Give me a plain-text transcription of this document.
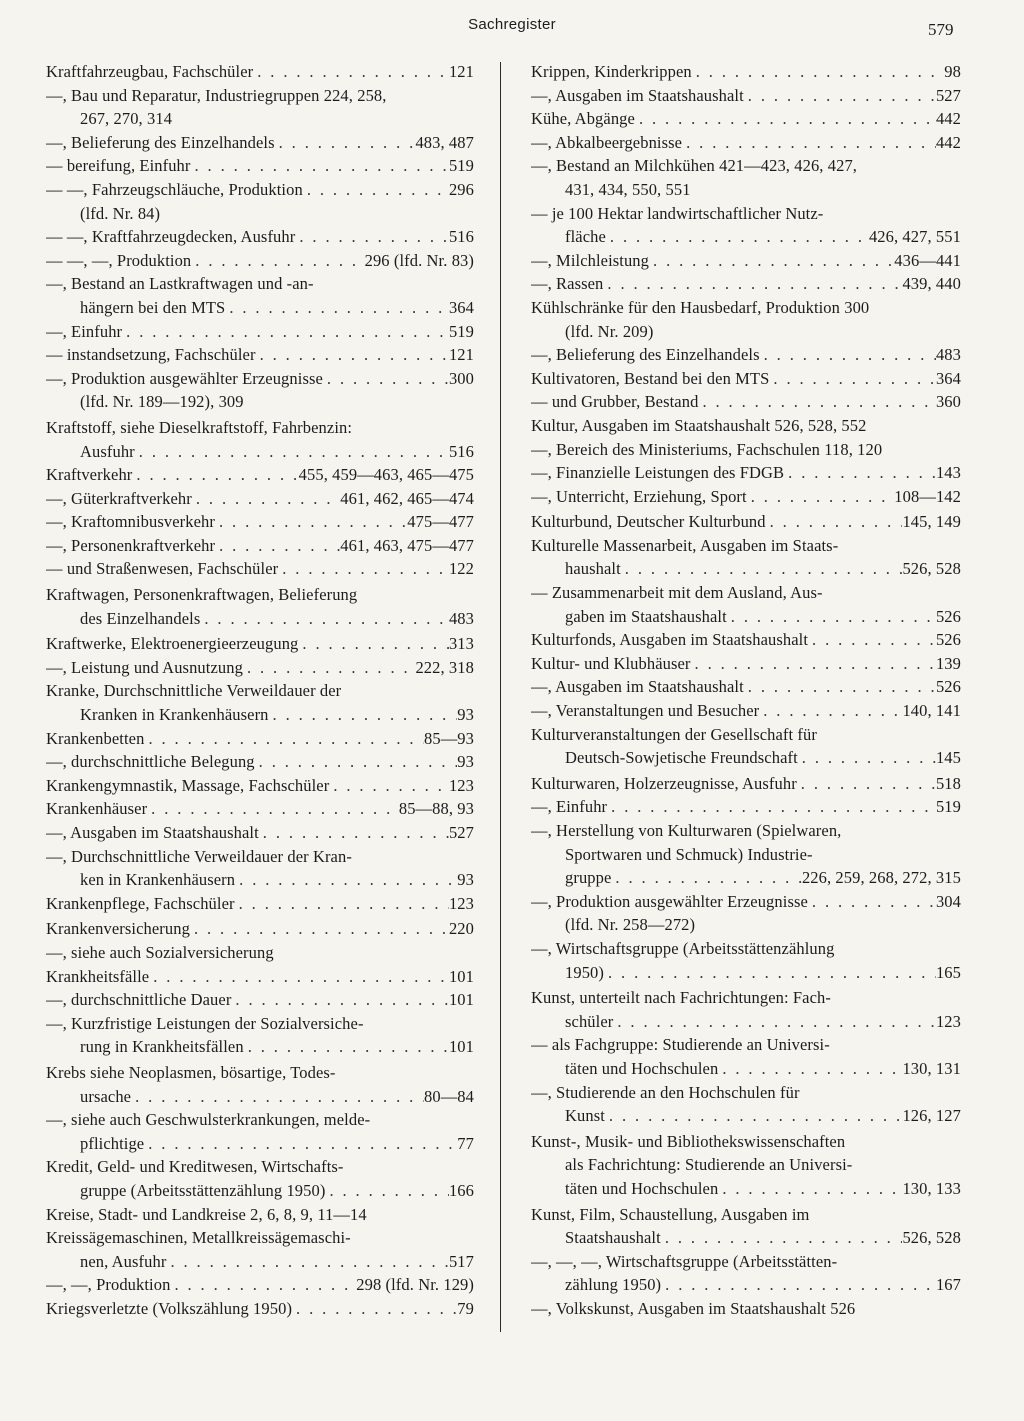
Sachregister	579
Kraftfahrzeugbau, Fachschüler . . .	121
—, Bau und Reparatur, Industriegruppen 224, 258,
267, 270, 314
—, Belieferung des Einzelhandels . . .	483, 487
— bereifung, Einfuhr . . .	519
— —, Fahrzeugschläuche, Produktion . . .	296
(lfd. Nr. 84)
— —, Kraftfahrzeugdecken, Ausfuhr . . .	516
— —, —, Produktion . . .	296 (lfd. Nr. 83)
—, Bestand an Lastkraftwagen und -an-
hängern bei den MTS . . .	364
—, Einfuhr . . .	519
— instandsetzung, Fachschüler . . .	121
—, Produktion ausgewählter Erzeugnisse . . .	300
(lfd. Nr. 189—192), 309
Kraftstoff, siehe Dieselkraftstoff, Fahrbenzin:
Ausfuhr . . .	516
Kraftverkehr . . .	455, 459—463, 465—475
—, Güterkraftverkehr . . .	461, 462, 465—474
—, Kraftomnibusverkehr . . .	475—477
—, Personenkraftverkehr . . .	461, 463, 475—477
— und Straßenwesen, Fachschüler . . .	122
Kraftwagen, Personenkraftwagen, Belieferung
des Einzelhandels . . .	483
Kraftwerke, Elektroenergieerzeugung . . .	313
—, Leistung und Ausnutzung . . .	222, 318
Kranke, Durchschnittliche Verweildauer der
Kranken in Krankenhäusern . . .	93
Krankenbetten . . .	85—93
—, durchschnittliche Belegung . . .	93
Krankengymnastik, Massage, Fachschüler . . .	123
Krankenhäuser . . .	85—88, 93
—, Ausgaben im Staatshaushalt . . .	527
—, Durchschnittliche Verweildauer der Kran-
ken in Krankenhäusern . . .	93
Krankenpflege, Fachschüler . . .	123
Krankenversicherung . . .	220
—, siehe auch Sozialversicherung
Krankheitsfälle . . .	101
—, durchschnittliche Dauer . . .	101
—, Kurzfristige Leistungen der Sozialversiche-
rung in Krankheitsfällen . . .	101
Krebs siehe Neoplasmen, bösartige, Todes-
ursache . . .	80—84
—, siehe auch Geschwulsterkrankungen, melde-
pflichtige . . .	77
Kredit, Geld- und Kreditwesen, Wirtschafts-
gruppe (Arbeitsstättenzählung 1950) . . .	166
Kreise, Stadt- und Landkreise 2, 6, 8, 9, 11—14
Kreissägemaschinen, Metallkreissägemaschi-
nen, Ausfuhr . . .	517
—, —, Produktion . . .	298 (lfd. Nr. 129)
Kriegsverletzte (Volkszählung 1950) . . .	79
Krippen, Kinderkrippen . . .	98
—, Ausgaben im Staatshaushalt . . .	527
Kühe, Abgänge . . .	442
—, Abkalbeergebnisse . . .	442
—, Bestand an Milchkühen 421—423, 426, 427,
431, 434, 550, 551
— je 100 Hektar landwirtschaftlicher Nutz-
fläche . . .	426, 427, 551
—, Milchleistung . . .	436—441
—, Rassen . . .	439, 440
Kühlschränke für den Hausbedarf, Produktion 300
(lfd. Nr. 209)
—, Belieferung des Einzelhandels . . .	483
Kultivatoren, Bestand bei den MTS . . .	364
— und Grubber, Bestand . . .	360
Kultur, Ausgaben im Staatshaushalt 526, 528, 552
—, Bereich des Ministeriums, Fachschulen 118, 120
—, Finanzielle Leistungen des FDGB . . .	143
—, Unterricht, Erziehung, Sport . . .	108—142
Kulturbund, Deutscher Kulturbund . . .	145, 149
Kulturelle Massenarbeit, Ausgaben im Staats-
haushalt . . .	526, 528
— Zusammenarbeit mit dem Ausland, Aus-
gaben im Staatshaushalt . . .	526
Kulturfonds, Ausgaben im Staatshaushalt . . .	526
Kultur- und Klubhäuser . . .	139
—, Ausgaben im Staatshaushalt . . .	526
—, Veranstaltungen und Besucher . . .	140, 141
Kulturveranstaltungen der Gesellschaft für
Deutsch-Sowjetische Freundschaft . . .	145
Kulturwaren, Holzerzeugnisse, Ausfuhr . . .	518
—, Einfuhr . . .	519
—, Herstellung von Kulturwaren (Spielwaren,
Sportwaren und Schmuck) Industrie-
gruppe . . .	226, 259, 268, 272, 315
—, Produktion ausgewählter Erzeugnisse . . .	304
(lfd. Nr. 258—272)
—, Wirtschaftsgruppe (Arbeitsstättenzählung
1950) . . .	165
Kunst, unterteilt nach Fachrichtungen: Fach-
schüler . . .	123
— als Fachgruppe: Studierende an Universi-
täten und Hochschulen . . .	130, 131
—, Studierende an den Hochschulen für
Kunst . . .	126, 127
Kunst-, Musik- und Bibliothekswissenschaften
als Fachrichtung: Studierende an Universi-
täten und Hochschulen . . .	130, 133
Kunst, Film, Schaustellung, Ausgaben im
Staatshaushalt . . .	526, 528
—, —, —, Wirtschaftsgruppe (Arbeitsstätten-
zählung 1950) . . .	167
—, Volkskunst, Ausgaben im Staatshaushalt 526
